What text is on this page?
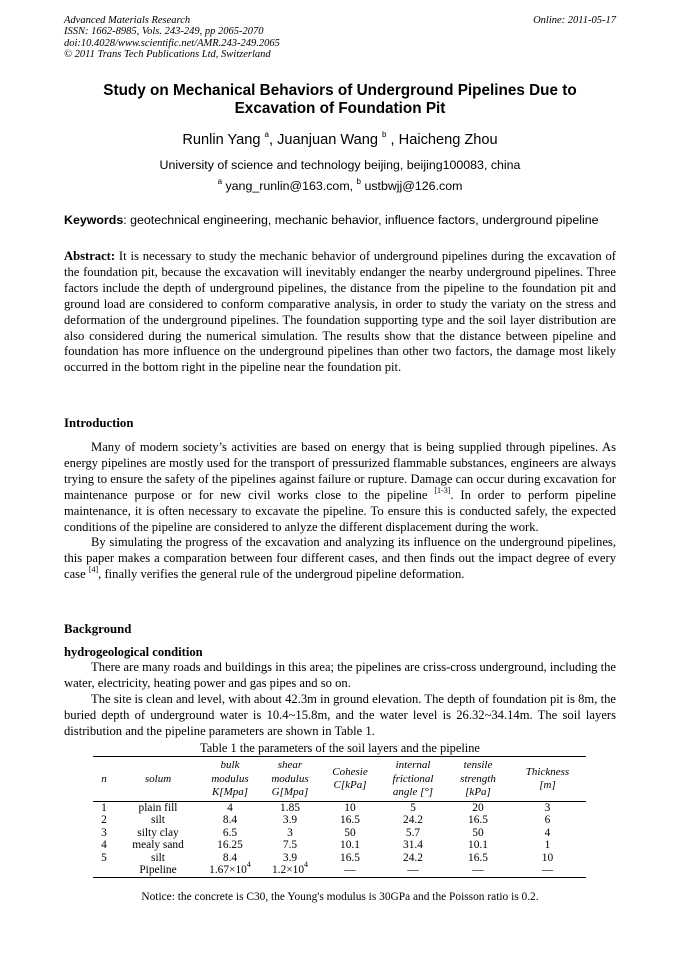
Advanced Materials Research
ISSN: 1662-8985, Vols. 243-249, pp 2065-2070
doi:10.4028/www.scientific.net/AMR.243-249.2065
© 2011 Trans Tech Publications Ltd, Switzerland
Online: 2011-05-17
Study on Mechanical Behaviors of Underground Pipelines Due to
Excavation of Foundation Pit
Runlin Yang $^a$, Juanjuan Wang $^b$ , Haicheng Zhou
University of science and technology beijing, beijing100083, china
$^a$ yang_runlin@163.com, $^b$ ustbwjj@126.com
Keywords: geotechnical engineering, mechanic behavior, influence factors, underground pipeline
Abstract: It is necessary to study the mechanic behavior of underground pipelines during the excavation of the foundation pit, because the excavation will inevitably endanger the nearby underground pipelines. Three factors include the depth of underground pipelines, the distance from the pipeline to the foundation pit and ground load are considered to conform comparative analysis, in order to study the variaty on the stress and deformation of the underground pipelines. The foundation supporting type and the soil layer distribution are also considered during the numerical simulation. The results show that the distance between pipeline and foundation has more influence on the underground pipelines than other two factors, the damage most likely occurred in the bottom right in the pipeline near the foundation pit.
Introduction

Many of modern society’s activities are based on energy that is being supplied through pipelines. As energy pipelines are mostly used for the transport of pressurized flammable substances, engineers are always trying to ensure the safety of the pipelines against failure or rupture. Damage can occur during excavation for maintenance purpose or for new civil works close to the pipeline [1-3]. In order to perform pipeline maintenance, it is often necessary to excavate the pipeline. To ensure this is conducted safely, the expected conditions of the pipeline are considered to anlyze the different displacement during the work.

By simulating the progress of the excavation and analyzing its influence on the underground pipelines, this paper makes a comparation between four different cases, and then finds out the impact degree of every case [4], finally verifies the general rule of the undergroud pipeline deformation.

Background
hydrogeological condition

There are many roads and buildings in this area; the pipelines are criss-cross underground, including the water, electricity, heating power and gas pipes and so on.

The site is clean and level, with about 42.3m in ground elevation. The depth of foundation pit is 8m, the buried depth of underground water is 10.4~15.8m, and the water level is 26.32~34.14m. The soil layers distribution and the pipeline parameters are shown in Table 1.

Table 1 the parameters of the soil layers and the pipeline
n	solum	bulk
modulus
K[Mpa]	shear
modulus
G[Mpa]	Cohesie
C[kPa]	internal
frictional
angle [°]	tensile
strength
[kPa]	Thickness
[m]
1	plain fill	4	1.85	10	5	20	3
2	silt	8.4	3.9	16.5	24.2	16.5	6
3	silty clay	6.5	3	50	5.7	50	4
4	mealy sand	16.25	7.5	10.1	31.4	10.1	1
5	silt	8.4	3.9	16.5	24.2	16.5	10
	Pipeline	$1.67\times 10^4$	$1.2\times 10^4$	—	—	—	—
Notice: the concrete is C30, the Young's modulus is 30GPa and the Poisson ratio is 0.2.
